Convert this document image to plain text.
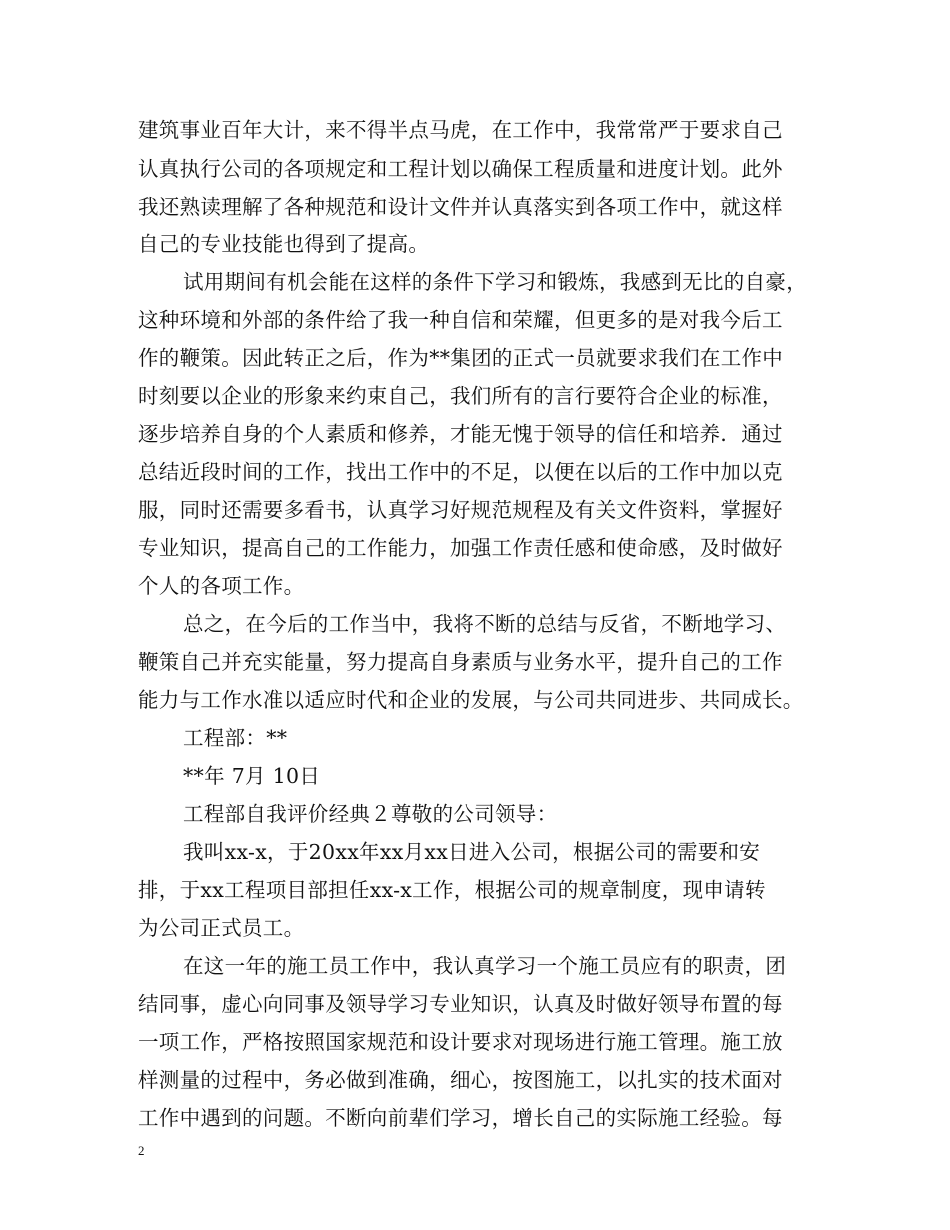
建筑事业百年大计，来不得半点马虎，在工作中，我常常严于要求自己
认真执行公司的各项规定和工程计划以确保工程质量和进度计划。此外
我还熟读理解了各种规范和设计文件并认真落实到各项工作中，就这样
自己的专业技能也得到了提高。
试用期间有机会能在这样的条件下学习和锻炼，我感到无比的自豪，
这种环境和外部的条件给了我一种自信和荣耀，但更多的是对我今后工
作的鞭策。因此转正之后，作为**集团的正式一员就要求我们在工作中
时刻要以企业的形象来约束自己，我们所有的言行要符合企业的标准，
逐步培养自身的个人素质和修养，才能无愧于领导的信任和培养．通过
总结近段时间的工作，找出工作中的不足，以便在以后的工作中加以克
服，同时还需要多看书，认真学习好规范规程及有关文件资料，掌握好
专业知识，提高自己的工作能力，加强工作责任感和使命感，及时做好
个人的各项工作。
总之，在今后的工作当中，我将不断的总结与反省，不断地学习、
鞭策自己并充实能量，努力提高自身素质与业务水平，提升自己的工作
能力与工作水准以适应时代和企业的发展，与公司共同进步、共同成长。
工程部：**
**年 7月 10日
工程部自我评价经典２尊敬的公司领导：
我叫xx-x，于20xx年xx月xx日进入公司，根据公司的需要和安
排，于xx工程项目部担任xx-x工作，根据公司的规章制度，现申请转
为公司正式员工。
在这一年的施工员工作中，我认真学习一个施工员应有的职责，团
结同事，虚心向同事及领导学习专业知识，认真及时做好领导布置的每
一项工作，严格按照国家规范和设计要求对现场进行施工管理。施工放
样测量的过程中，务必做到准确，细心，按图施工，以扎实的技术面对
工作中遇到的问题。不断向前辈们学习，增长自己的实际施工经验。每
2
